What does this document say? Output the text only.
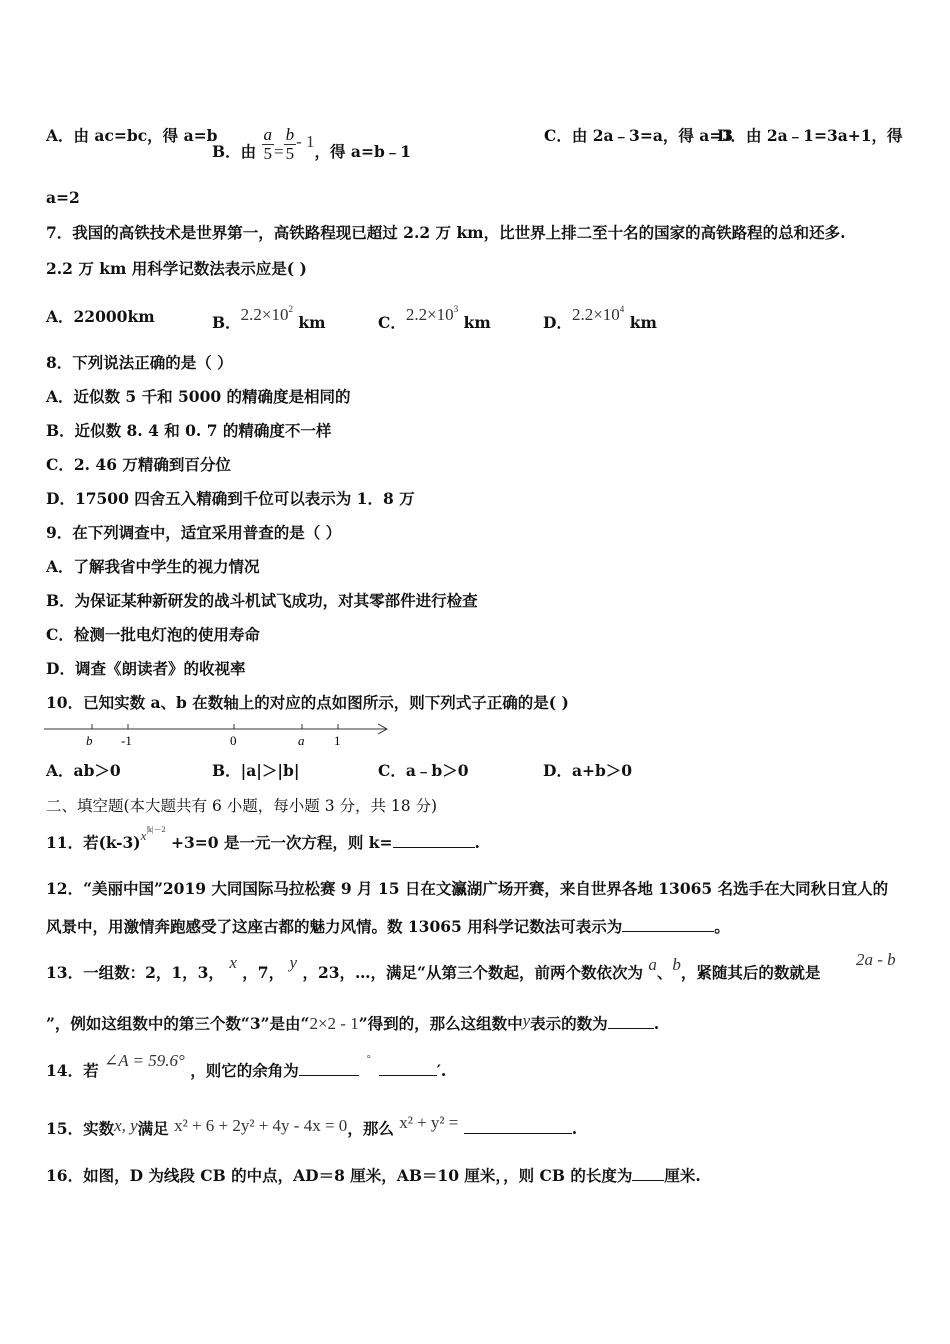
A．由 ac=bc，得 a=b
B．由 $\frac{a}{5} = \frac{b}{5} - 1$，得 a=b﹣1
C．由 2a﹣3=a，得 a=3
D．由 2a﹣1=3a+1，得
a=2
7．我国的高铁技术是世界第一，高铁路程现已超过 2.2 万 km，比世界上排二至十名的国家的高铁路程的总和还多.
2.2 万 km 用科学记数法表示应是( )
A．22000km	B．$2.2\times 10^2$ km	C．$2.2\times 10^3$ km	D．$2.2\times 10^4$ km
8．下列说法正确的是（ ）
A．近似数 5 千和 5000 的精确度是相同的
B．近似数 8. 4 和 0. 7 的精确度不一样
C．2. 46 万精确到百分位
D．17500 四舍五入精确到千位可以表示为 1．8 万
9．在下列调查中，适宜采用普查的是（ ）
A．了解我省中学生的视力情况
B．为保证某种新研发的战斗机试飞成功，对其零部件进行检查
C．检测一批电灯泡的使用寿命
D．调查《朗读者》的收视率
10．已知实数 a、b 在数轴上的对应的点如图所示，则下列式子正确的是( )
b -1	0	a 1
A．ab＞0	B．|a|＞|b|	C．a﹣b＞0	D．a+b＞0
二、填空题(本大题共有 6 小题，每小题 3 分，共 18 分)
11．若$(k-3)^{x|k|-2} +3=0$ 是一元一次方程，则 k=	.
12．“美丽中国”2019 大同国际马拉松赛 9 月 15 日在文瀛湖广场开赛，来自世界各地 13065 名选手在大同秋日宜人的
风景中，用激情奔跑感受了这座古都的魅力风情。数 13065 用科学记数法可表示为	。
13．一组数：2，1，3， x ，7， y ，23，…，满足“从第三个数起，前两个数依次为 a、b，紧随其后的数就是
2a - b
”，例如这组数中的第三个数“3”是由“2×2 - 1”得到的，那么这组数中y表示的数为	.
14．若 ∠A = 59.6° ，则它的余角为°′.
15．实数x, y满足 x² + 6 + 2y² + 4y - 4x = 0，那么 x² + y² =	.
16．如图，D 为线段 CB 的中点，AD＝8 厘米，AB＝10 厘米，，则 CB 的长度为 厘米.
